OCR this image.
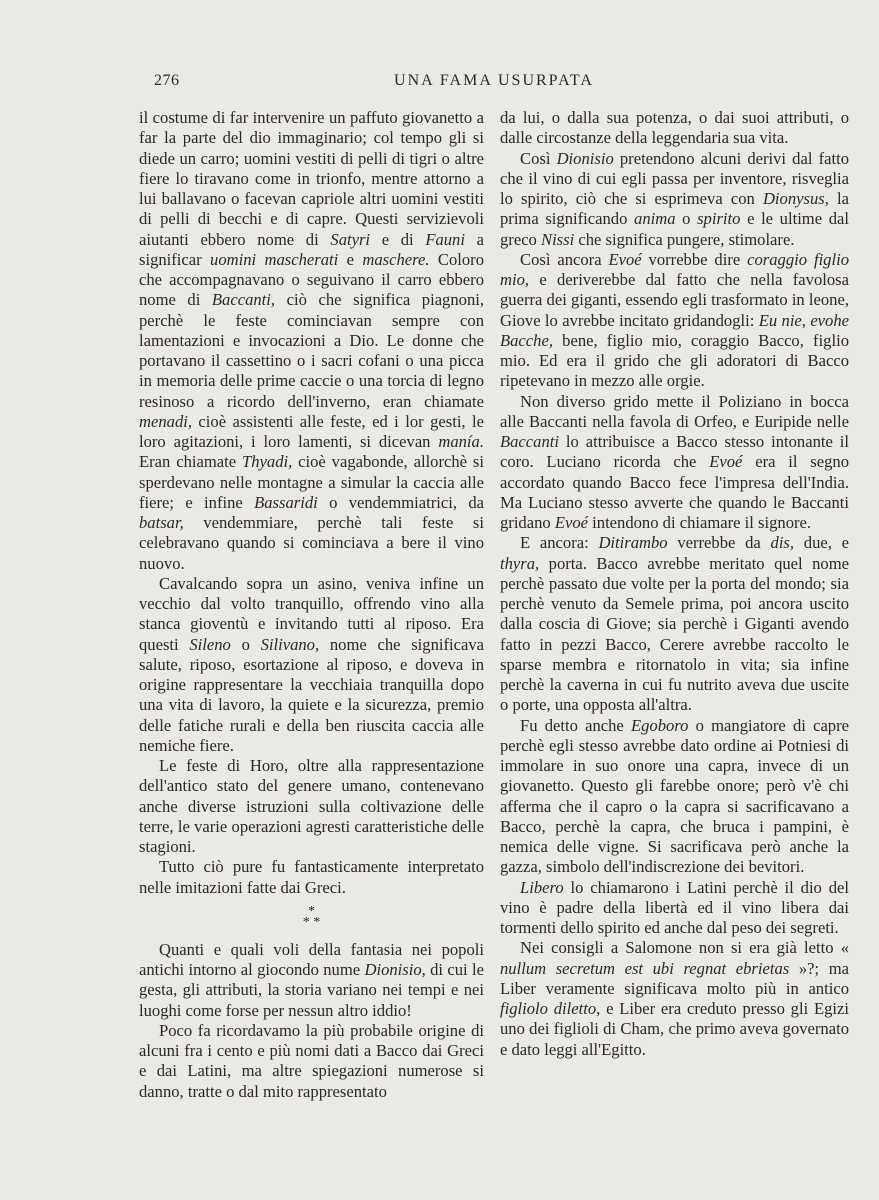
276	UNA FAMA USURPATA

il costume di far intervenire un paffuto giovanetto a far la parte del dio immaginario; col tempo gli si diede un carro; uomini vestiti di pelli di tigri o altre fiere lo tiravano come in trionfo, mentre attorno a lui ballavano o facevan capriole altri uomini vestiti di pelli di becchi e di capre. Questi servizievoli aiutanti ebbero nome di Satyri e di Fauni a significar uomini mascherati e maschere. Coloro che accompagnavano o seguivano il carro ebbero nome di Baccanti, ciò che significa piagnoni, perchè le feste cominciavan sempre con lamentazioni e invocazioni a Dio. Le donne che portavano il cassettino o i sacri cofani o una picca in memoria delle prime caccie o una torcia di legno resinoso a ricordo dell'inverno, eran chiamate menadi, cioè assistenti alle feste, ed i lor gesti, le loro agitazioni, i loro lamenti, si dicevan manía. Eran chiamate Thyadi, cioè vagabonde, allorchè si sperdevano nelle montagne a simular la caccia alle fiere; e infine Bassaridi o vendemmiatrici, da batsar, vendemmiare, perchè tali feste si celebravano quando si cominciava a bere il vino nuovo.

Cavalcando sopra un asino, veniva infine un vecchio dal volto tranquillo, offrendo vino alla stanca gioventù e invitando tutti al riposo. Era questi Sileno o Silivano, nome che significava salute, riposo, esortazione al riposo, e doveva in origine rappresentare la vecchiaia tranquilla dopo una vita di lavoro, la quiete e la sicurezza, premio delle fatiche rurali e della ben riuscita caccia alle nemiche fiere.

Le feste di Horo, oltre alla rappresentazione dell'antico stato del genere umano, contenevano anche diverse istruzioni sulla coltivazione delle terre, le varie operazioni agresti caratteristiche delle stagioni.

Tutto ciò pure fu fantasticamente interpretato nelle imitazioni fatte dai Greci.

*
* *

Quanti e quali voli della fantasia nei popoli antichi intorno al giocondo nume Dionisio, di cui le gesta, gli attributi, la storia variano nei tempi e nei luoghi come forse per nessun altro iddio!

Poco fa ricordavamo la più probabile origine di alcuni fra i cento e più nomi dati a Bacco dai Greci e dai Latini, ma altre spiegazioni numerose si danno, tratte o dal mito rappresentato

da lui, o dalla sua potenza, o dai suoi attributi, o dalle circostanze della leggendaria sua vita.

Così Dionisio pretendono alcuni derivi dal fatto che il vino di cui egli passa per inventore, risveglia lo spirito, ciò che si esprimeva con Dionysus, la prima significando anima o spirito e le ultime dal greco Nissi che significa pungere, stimolare.

Così ancora Evoé vorrebbe dire coraggio figlio mio, e deriverebbe dal fatto che nella favolosa guerra dei giganti, essendo egli trasformato in leone, Giove lo avrebbe incitato gridandogli: Eu nie, evohe Bacche, bene, figlio mio, coraggio Bacco, figlio mio. Ed era il grido che gli adoratori di Bacco ripetevano in mezzo alle orgie.

Non diverso grido mette il Poliziano in bocca alle Baccanti nella favola di Orfeo, e Euripide nelle Baccanti lo attribuisce a Bacco stesso intonante il coro. Luciano ricorda che Evoé era il segno accordato quando Bacco fece l'impresa dell'India. Ma Luciano stesso avverte che quando le Baccanti gridano Evoé intendono di chiamare il signore.

E ancora: Ditirambo verrebbe da dis, due, e thyra, porta. Bacco avrebbe meritato quel nome perchè passato due volte per la porta del mondo; sia perchè venuto da Semele prima, poi ancora uscito dalla coscia di Giove; sia perchè i Giganti avendo fatto in pezzi Bacco, Cerere avrebbe raccolto le sparse membra e ritornatolo in vita; sia infine perchè la caverna in cui fu nutrito aveva due uscite o porte, una opposta all'altra.

Fu detto anche Egoboro o mangiatore di capre perchè egli stesso avrebbe dato ordine ai Potniesi di immolare in suo onore una capra, invece di un giovanetto. Questo gli farebbe onore; però v'è chi afferma che il capro o la capra si sacrificavano a Bacco, perchè la capra, che bruca i pampini, è nemica delle vigne. Si sacrificava però anche la gazza, simbolo dell'indiscrezione dei bevitori.

Libero lo chiamarono i Latini perchè il dio del vino è padre della libertà ed il vino libera dai tormenti dello spirito ed anche dal peso dei segreti.

Nei consigli a Salomone non si era già letto « nullum secretum est ubi regnat ebrietas »?; ma Liber veramente significava molto più in antico figliolo diletto, e Liber era creduto presso gli Egizi uno dei figlioli di Cham, che primo aveva governato e dato leggi all'Egitto.
